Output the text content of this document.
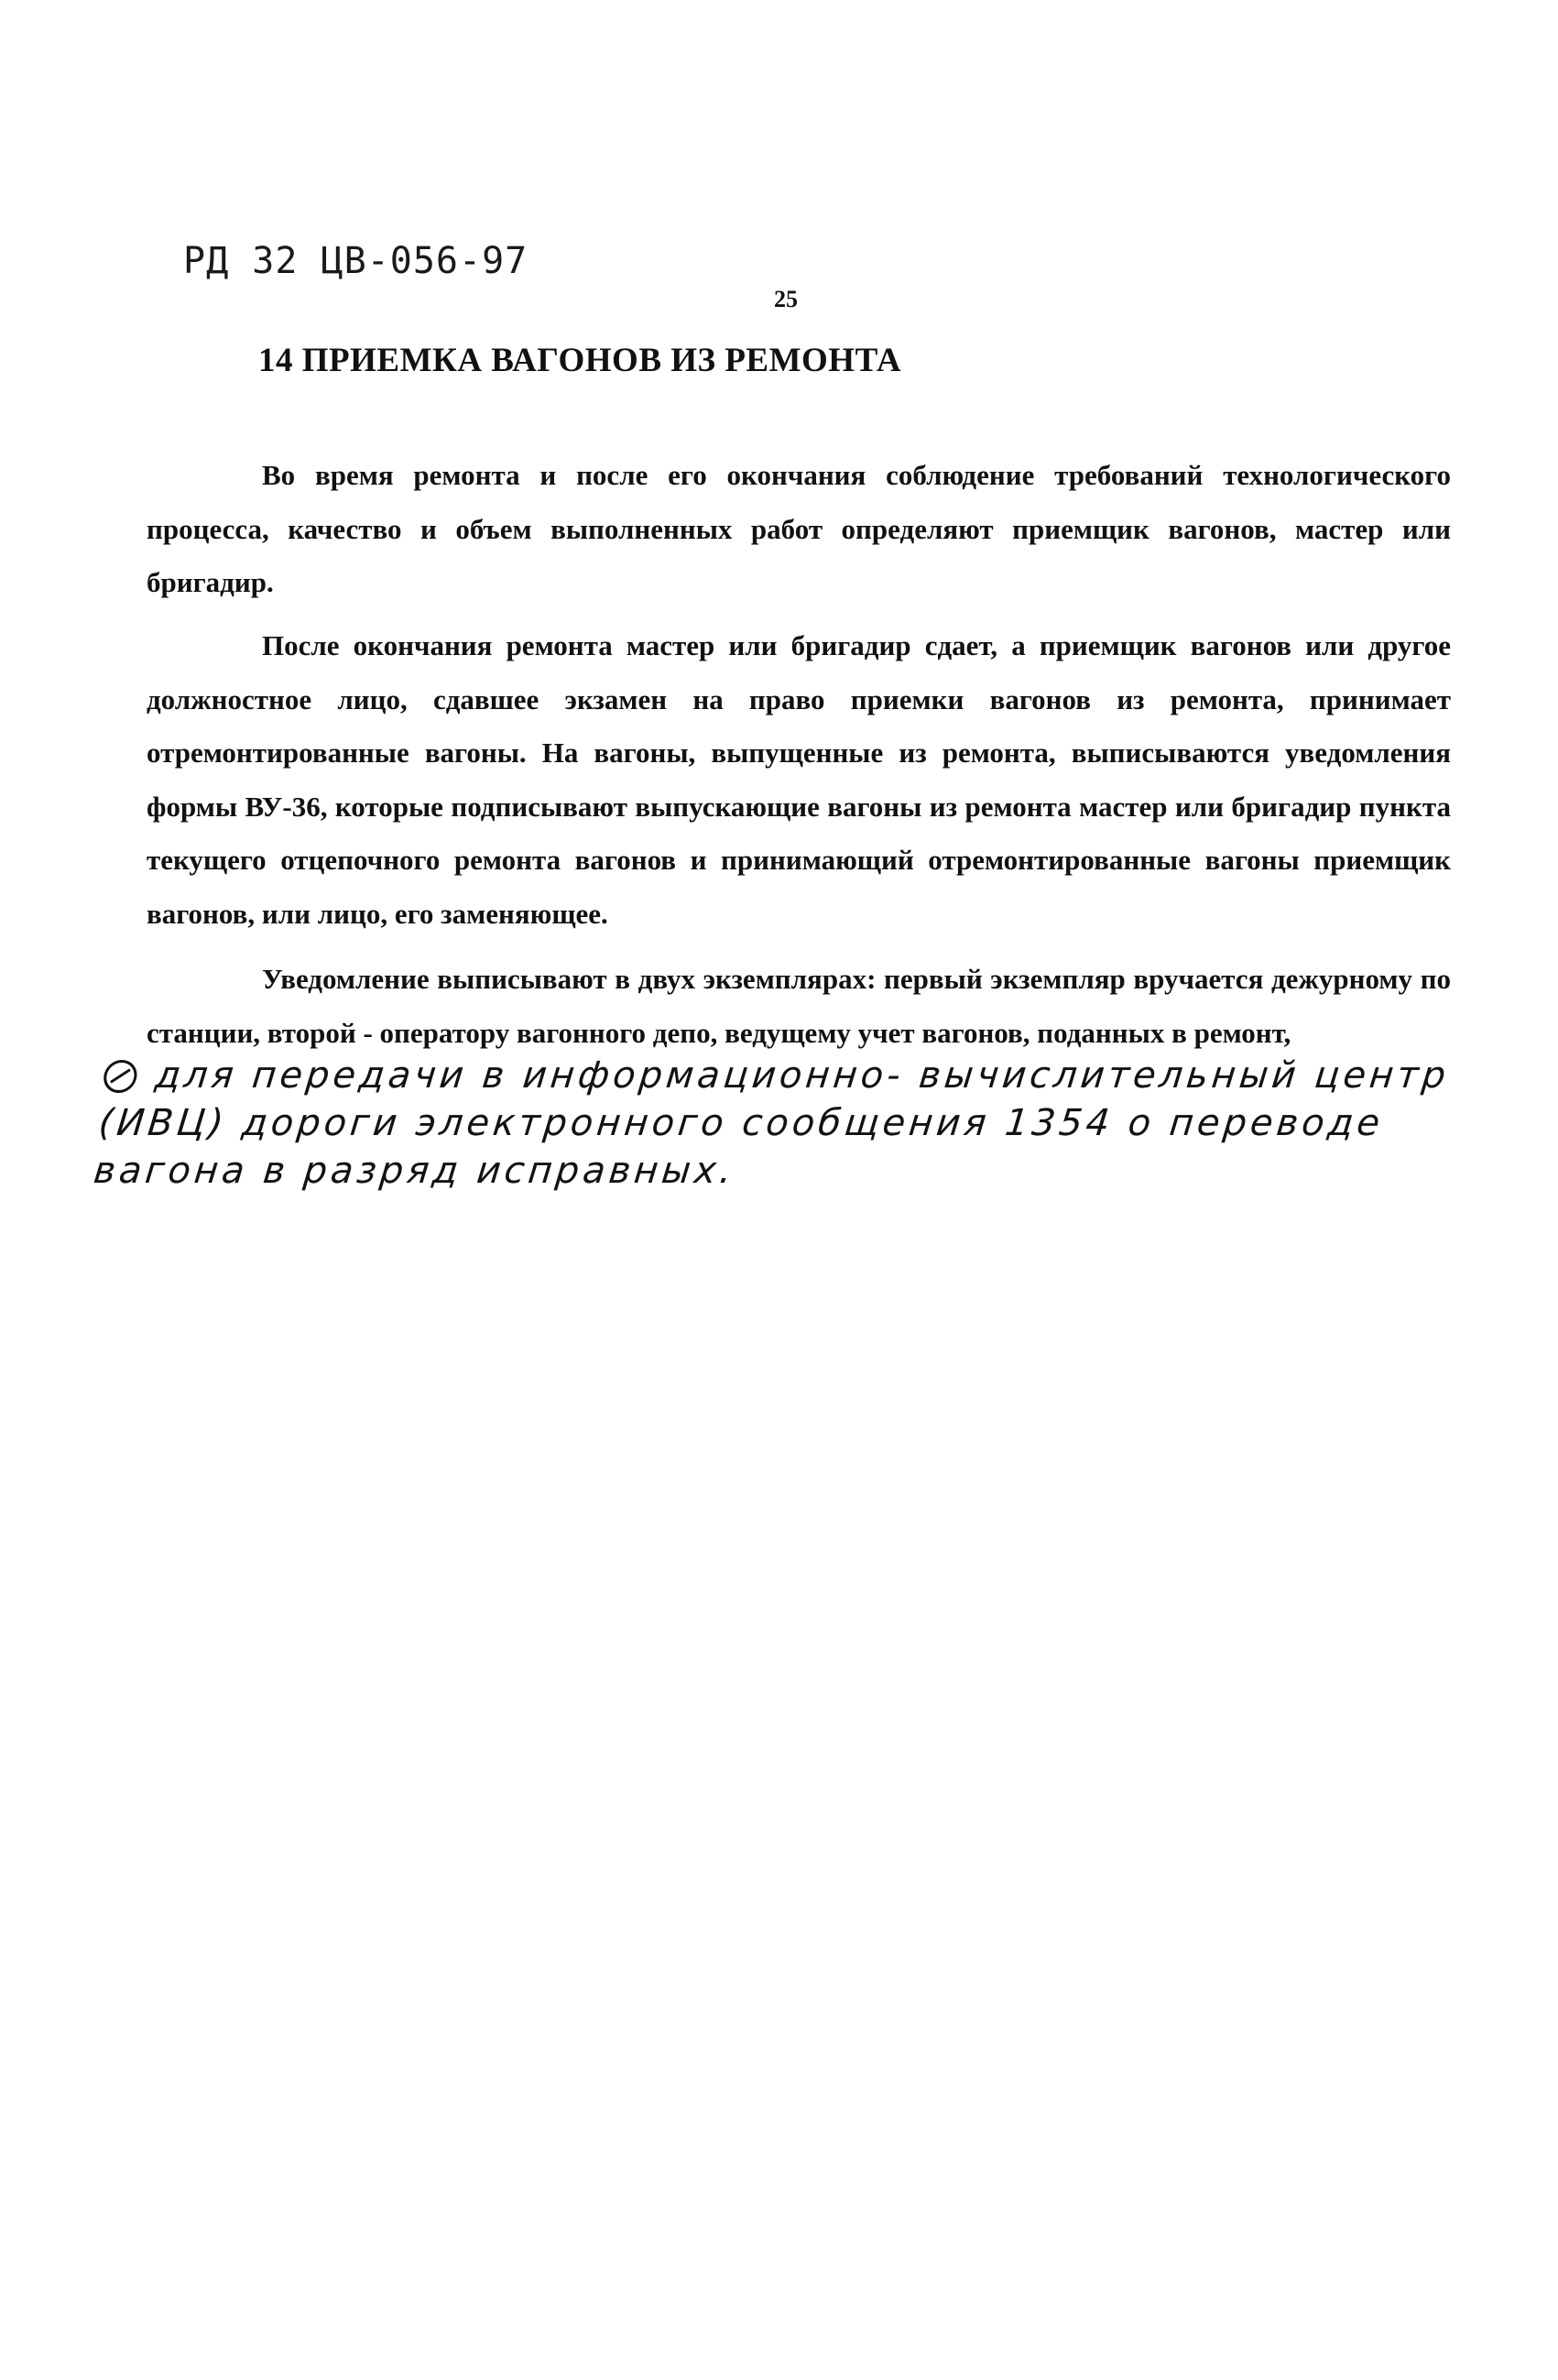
РД 32 ЦВ-056-97
25
14 ПРИЕМКА ВАГОНОВ ИЗ РЕМОНТА
Во время ремонта и после его окончания соблюдение требований технологического процесса, качество и объем выполненных работ определяют приемщик вагонов, мастер или бригадир.
После окончания ремонта мастер или бригадир сдает, а приемщик вагонов или другое должностное лицо, сдавшее экзамен на право приемки вагонов из ремонта, принимает отремонтированные вагоны. На вагоны, выпущенные из ремонта, выписываются уведомления формы ВУ-36, которые подписывают выпускающие вагоны из ремонта мастер или бригадир пункта текущего отцепочного ремонта вагонов и принимающий отремонтированные вагоны приемщик вагонов, или лицо, его заменяющее.
Уведомление выписывают в двух экземплярах: первый экземпляр вручается дежурному по станции, второй - оператору вагонного депо, ведущему учет вагонов, поданных в ремонт,
для передачи в информационно- вычислительный центр (ИВЦ) дороги электронного сообщения 1354 о переводе вагона в разряд исправных.
